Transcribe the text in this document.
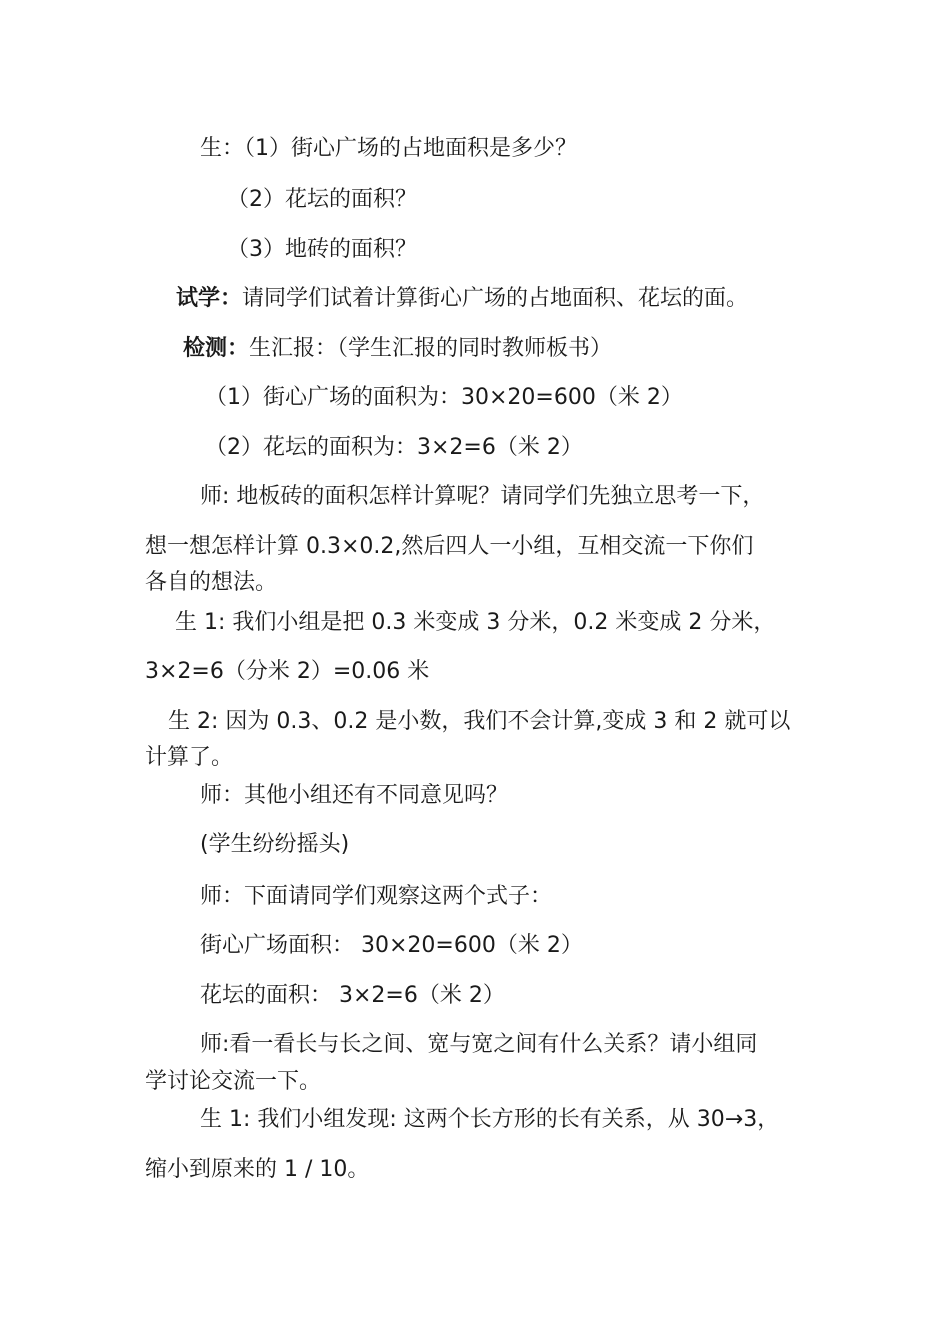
生：（1）街心广场的占地面积是多少？
（2）花坛的面积？
（3）地砖的面积？
试学：请同学们试着计算街心广场的占地面积、花坛的面。
检测：生汇报：（学生汇报的同时教师板书）
（1）街心广场的面积为：30×20=600（米 2）
（2）花坛的面积为：3×2=6（米 2）
师: 地板砖的面积怎样计算呢？请同学们先独立思考一下，
想一想怎样计算 0.3×0.2,然后四人一小组，互相交流一下你们
各自的想法。
生 1: 我们小组是把 0.3 米变成 3 分米，0.2 米变成 2 分米，
3×2=6（分米 2）=0.06 米
生 2: 因为 0.3、0.2 是小数，我们不会计算,变成 3 和 2 就可以
计算了。
师：其他小组还有不同意见吗？
(学生纷纷摇头)
师：下面请同学们观察这两个式子：
街心广场面积： 30×20=600（米 2）
花坛的面积： 3×2=6（米 2）
师:看一看长与长之间、宽与宽之间有什么关系？请小组同
学讨论交流一下。
生 1: 我们小组发现: 这两个长方形的长有关系，从 30→3，
缩小到原来的 1 / 10。
